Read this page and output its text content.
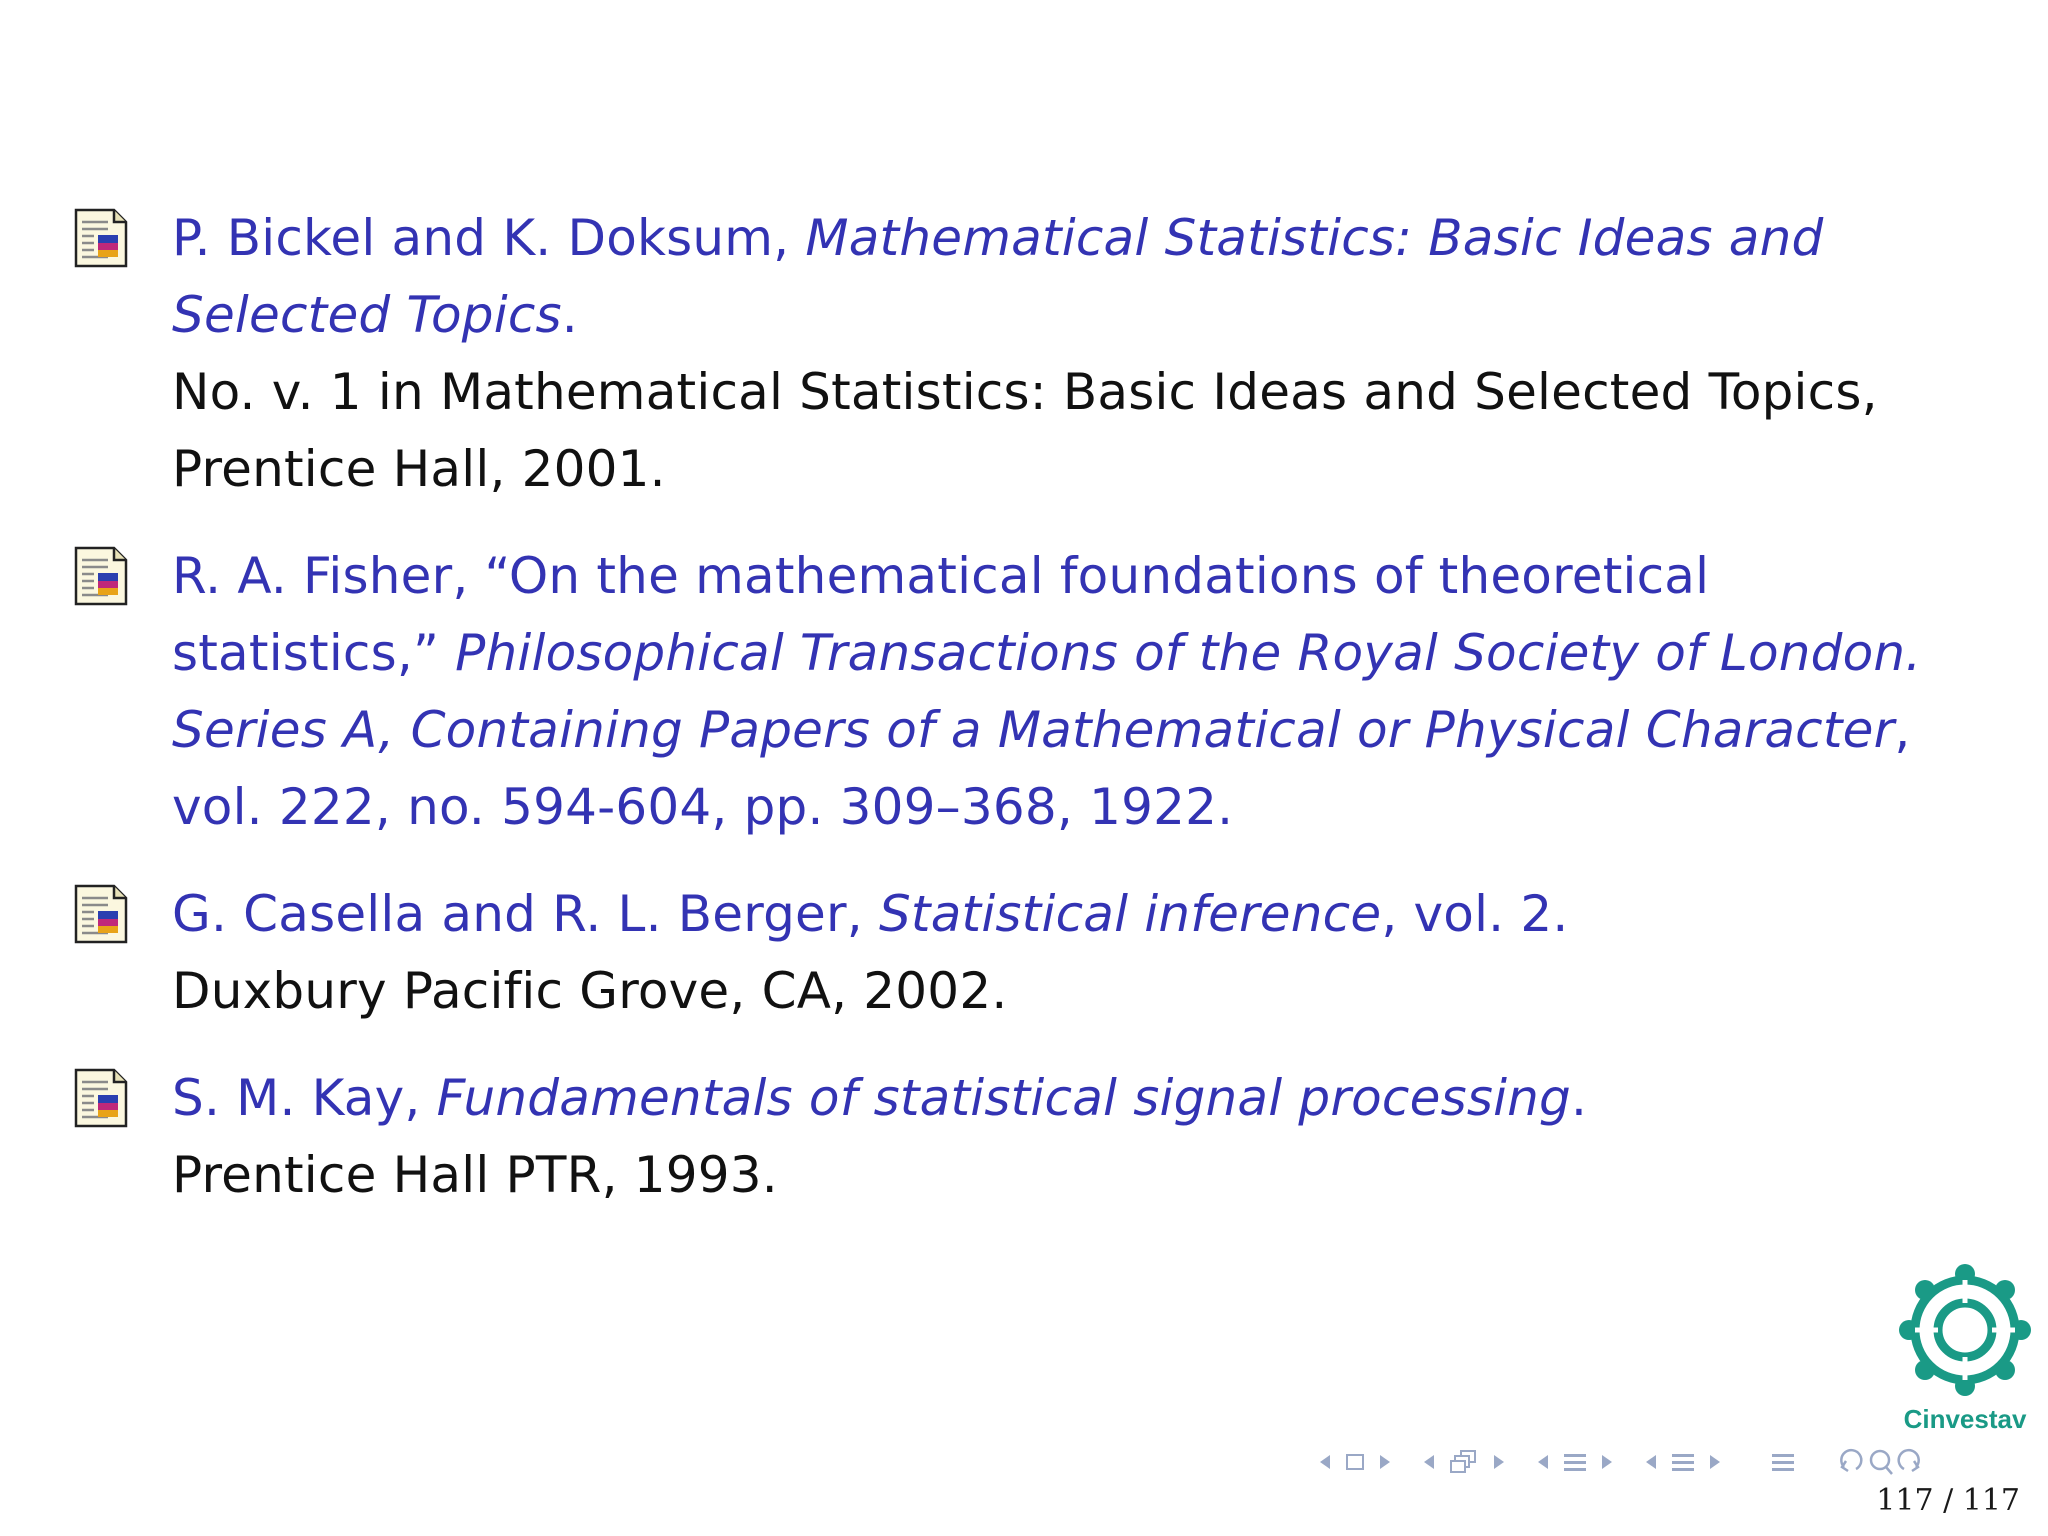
P. Bickel and K. Doksum, Mathematical Statistics: Basic Ideas and
Selected Topics.
No. v. 1 in Mathematical Statistics: Basic Ideas and Selected Topics,
Prentice Hall, 2001.
R. A. Fisher, “On the mathematical foundations of theoretical
statistics,” Philosophical Transactions of the Royal Society of London.
Series A, Containing Papers of a Mathematical or Physical Character,
vol. 222, no. 594-604, pp. 309–368, 1922.
G. Casella and R. L. Berger, Statistical inference, vol. 2.
Duxbury Pacific Grove, CA, 2002.
S. M. Kay, Fundamentals of statistical signal processing.
Prentice Hall PTR, 1993.
Cinvestav
117 / 117
